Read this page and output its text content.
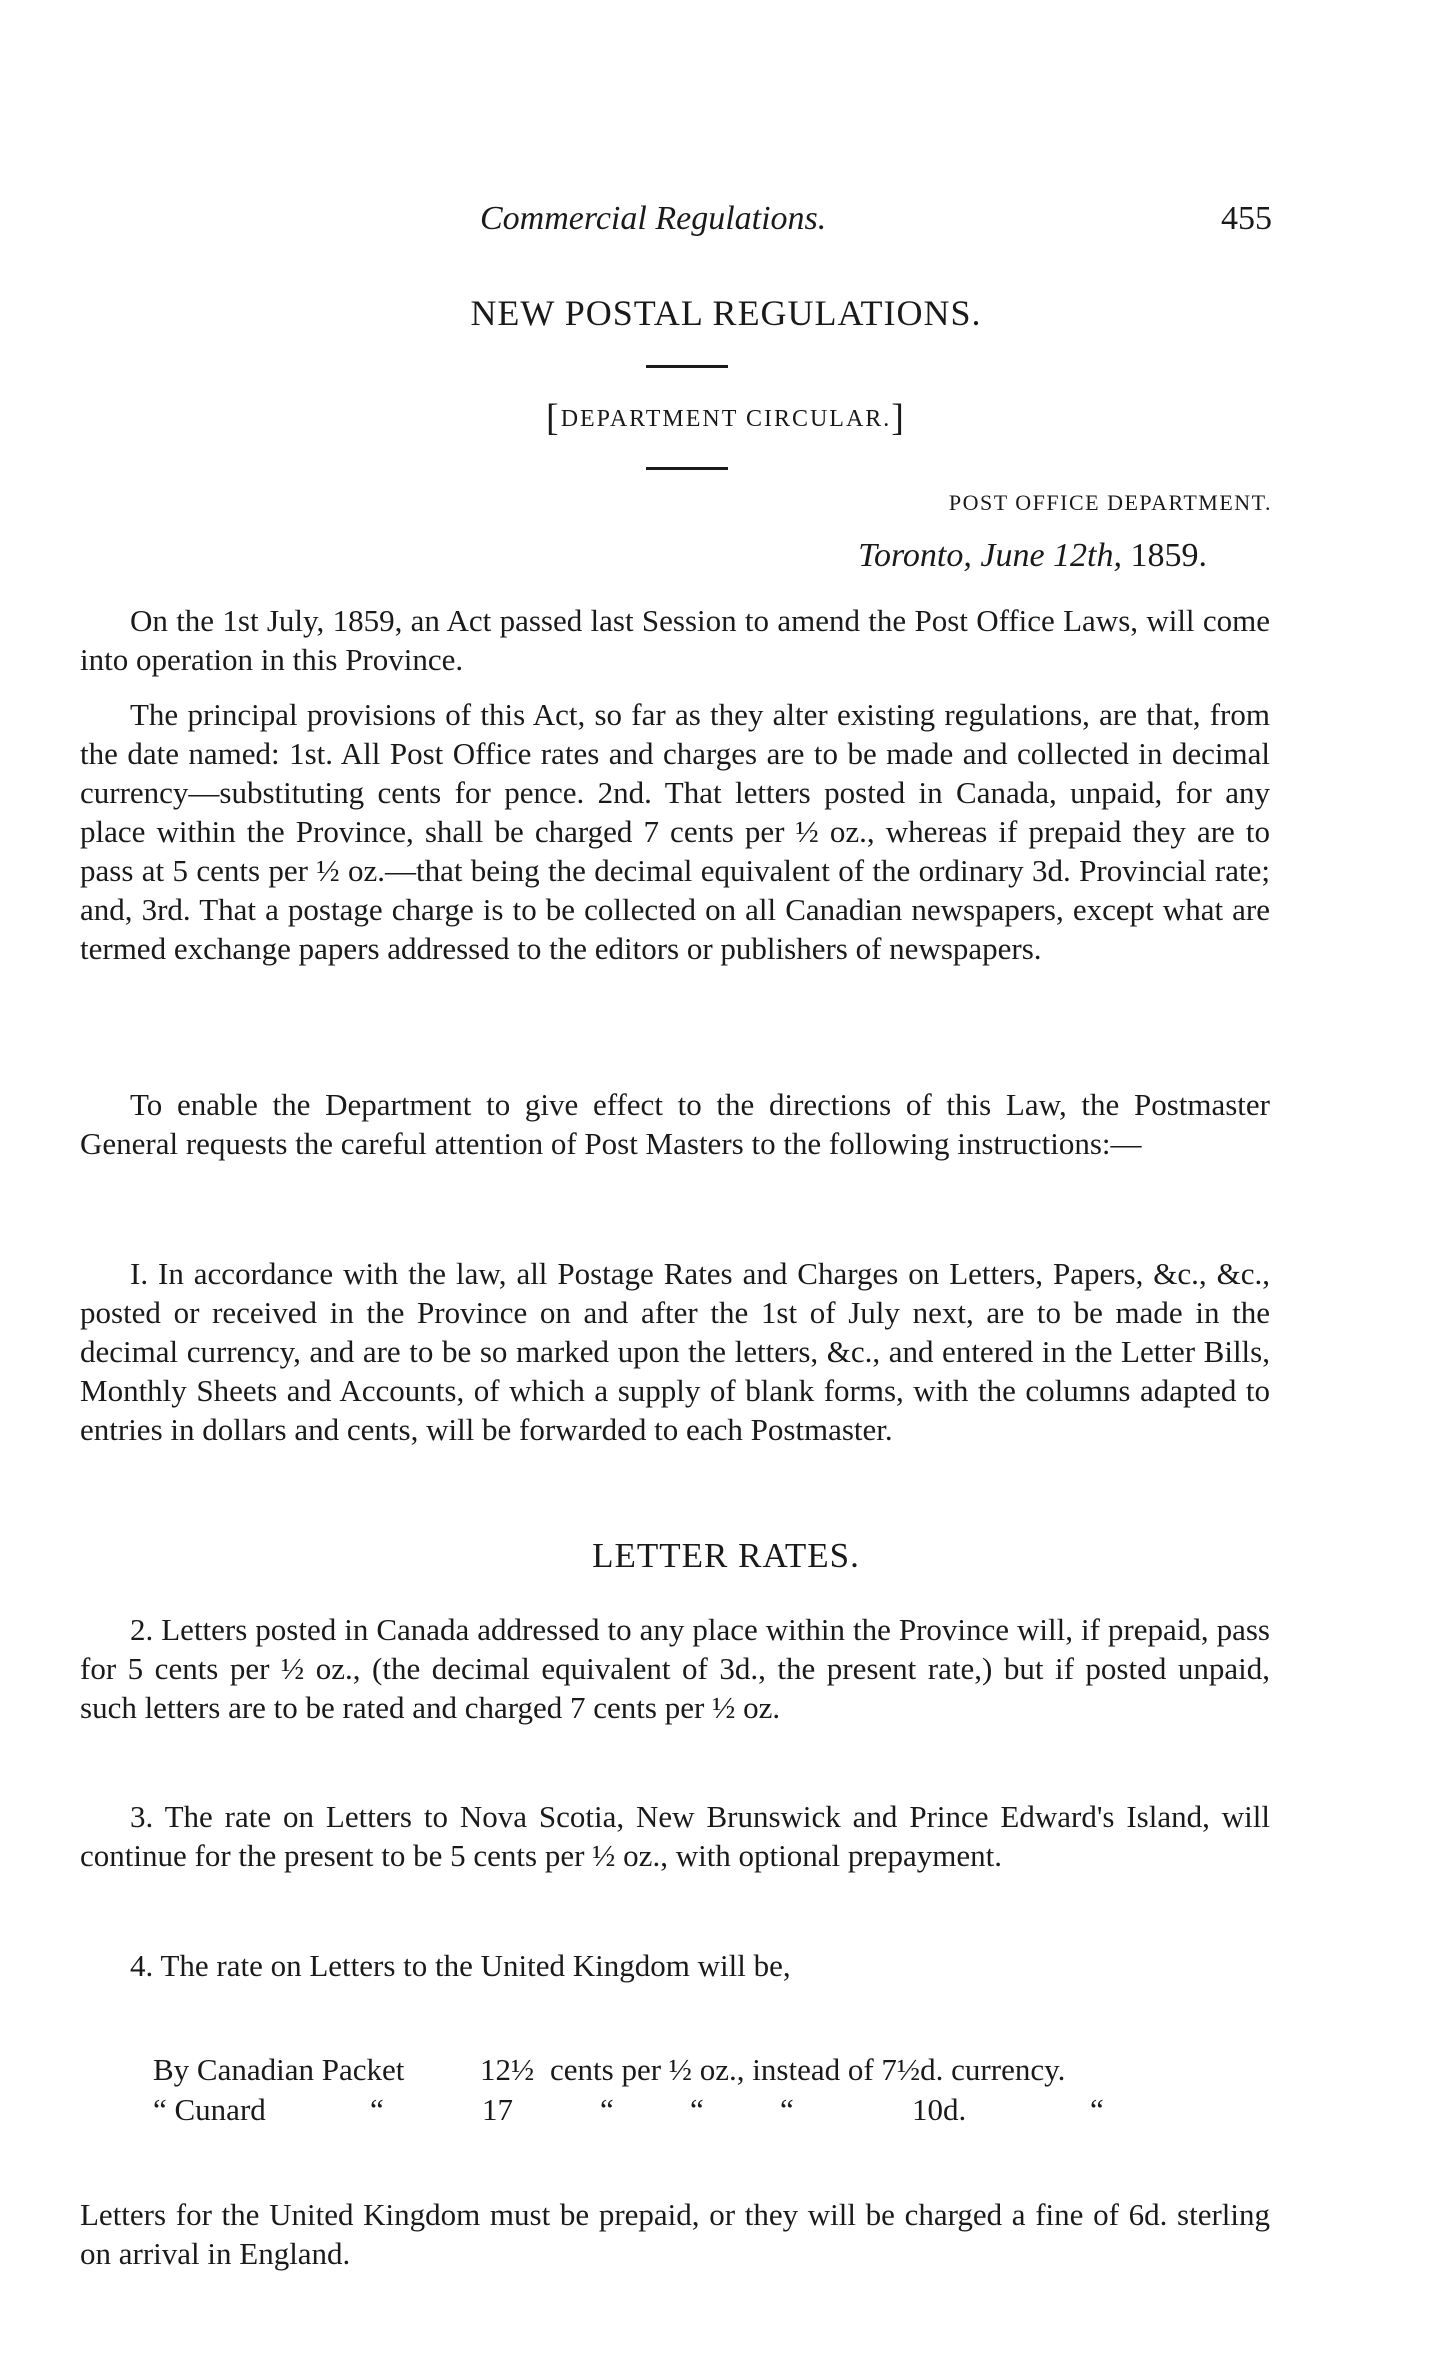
Commercial Regulations.	455
NEW POSTAL REGULATIONS.
[DEPARTMENT CIRCULAR.]
POST OFFICE DEPARTMENT.
Toronto, June 12th, 1859.

On the 1st July, 1859, an Act passed last Session to amend the Post Office Laws, will come into operation in this Province.

The principal provisions of this Act, so far as they alter existing regulations, are that, from the date named: 1st. All Post Office rates and charges are to be made and collected in decimal currency—substituting cents for pence. 2nd. That letters posted in Canada, unpaid, for any place within the Province, shall be charged 7 cents per ½ oz., whereas if prepaid they are to pass at 5 cents per ½ oz.—that being the decimal equivalent of the ordinary 3d. Provincial rate; and, 3rd. That a postage charge is to be collected on all Canadian newspapers, except what are termed exchange papers addressed to the editors or publishers of newspapers.

To enable the Department to give effect to the directions of this Law, the Postmaster General requests the careful attention of Post Masters to the following instructions:—

I. In accordance with the law, all Postage Rates and Charges on Letters, Papers, &c., &c., posted or received in the Province on and after the 1st of July next, are to be made in the decimal currency, and are to be so marked upon the letters, &c., and entered in the Letter Bills, Monthly Sheets and Accounts, of which a supply of blank forms, with the columns adapted to entries in dollars and cents, will be forwarded to each Postmaster.

LETTER RATES.

2. Letters posted in Canada addressed to any place within the Province will, if prepaid, pass for 5 cents per ½ oz., (the decimal equivalent of 3d., the present rate,) but if posted unpaid, such letters are to be rated and charged 7 cents per ½ oz.

3. The rate on Letters to Nova Scotia, New Brunswick and Prince Edward's Island, will continue for the present to be 5 cents per ½ oz., with optional prepayment.

4. The rate on Letters to the United Kingdom will be,

By Canadian Packet 12½ cents per ½ oz., instead of 7½d. currency.
“ Cunard	“	17	“ “ “	10d.	“

Letters for the United Kingdom must be prepaid, or they will be charged a fine of 6d. sterling on arrival in England.
